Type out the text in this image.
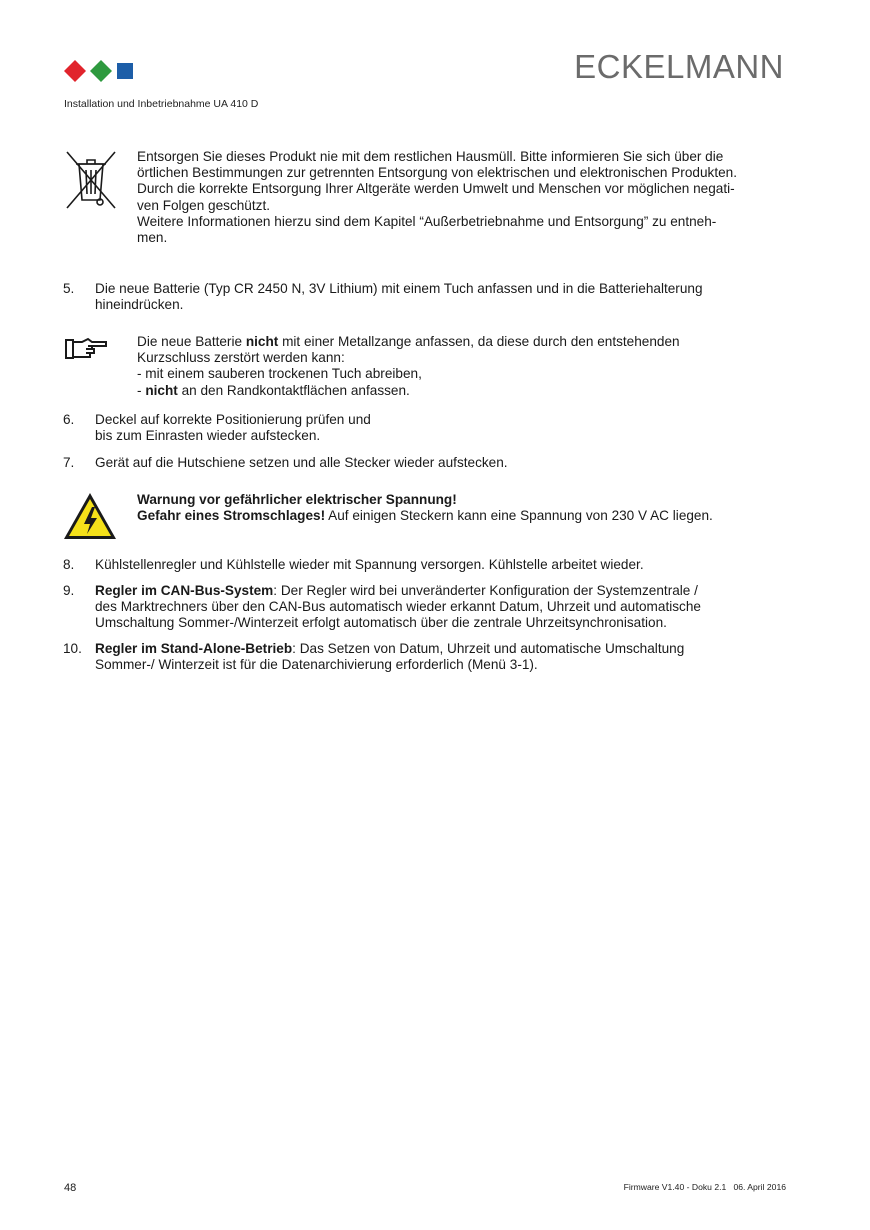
ECKELMANN
Installation und Inbetriebnahme UA 410 D
Entsorgen Sie dieses Produkt nie mit dem restlichen Hausmüll. Bitte informieren Sie sich über die
örtlichen Bestimmungen zur getrennten Entsorgung von elektrischen und elektronischen Produkten.
Durch die korrekte Entsorgung Ihrer Altgeräte werden Umwelt und Menschen vor möglichen negati-
ven Folgen geschützt.
Weitere Informationen hierzu sind dem Kapitel “Außerbetriebnahme und Entsorgung” zu entneh-
men.
5. Die neue Batterie (Typ CR 2450 N, 3V Lithium) mit einem Tuch anfassen und in die Batteriehalterung
hineindrücken.
Die neue Batterie nicht mit einer Metallzange anfassen, da diese durch den entstehenden
Kurzschluss zerstört werden kann:
- mit einem sauberen trockenen Tuch abreiben,
- nicht an den Randkontaktflächen anfassen.
6. Deckel auf korrekte Positionierung prüfen und
bis zum Einrasten wieder aufstecken.
7. Gerät auf die Hutschiene setzen und alle Stecker wieder aufstecken.
Warnung vor gefährlicher elektrischer Spannung!
Gefahr eines Stromschlages! Auf einigen Steckern kann eine Spannung von 230 V AC liegen.
8. Kühlstellenregler und Kühlstelle wieder mit Spannung versorgen. Kühlstelle arbeitet wieder.
9. Regler im CAN-Bus-System: Der Regler wird bei unveränderter Konfiguration der Systemzentrale /
des Marktrechners über den CAN-Bus automatisch wieder erkannt Datum, Uhrzeit und automatische
Umschaltung Sommer-/Winterzeit erfolgt automatisch über die zentrale Uhrzeitsynchronisation.
10. Regler im Stand-Alone-Betrieb: Das Setzen von Datum, Uhrzeit und automatische Umschaltung
Sommer-/ Winterzeit ist für die Datenarchivierung erforderlich (Menü 3-1).
48	Firmware V1.40 - Doku 2.1   06. April 2016
